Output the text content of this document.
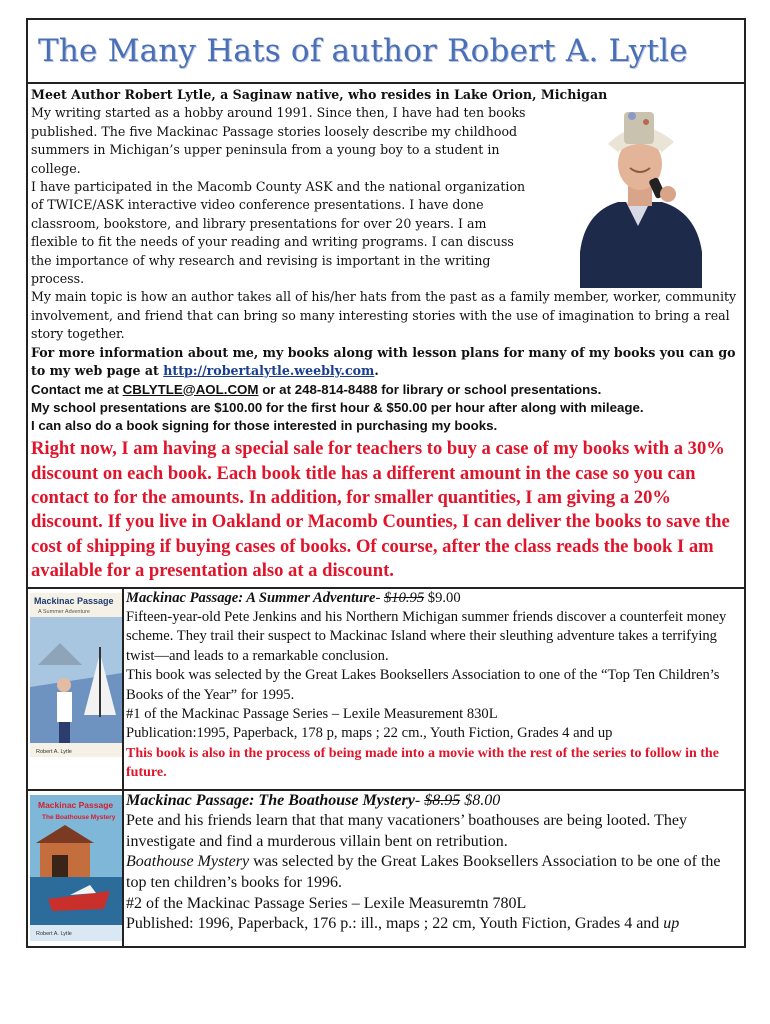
The Many Hats of author Robert A. Lytle
Meet Author Robert Lytle, a Saginaw native, who resides in Lake Orion, Michigan
My writing started as a hobby around 1991. Since then, I have had ten books published. The five Mackinac Passage stories loosely describe my childhood summers in Michigan’s upper peninsula from a young boy to a student in college.
I have participated in the Macomb County ASK and the national organization of TWICE/ASK interactive video conference presentations. I have done classroom, bookstore, and library presentations for over 20 years. I am flexible to fit the needs of your reading and writing programs. I can discuss the importance of why research and revising is important in the writing process.
My main topic is how an author takes all of his/her hats from the past as a family member, worker, community involvement, and friend that can bring so many interesting stories with the use of imagination to bring a real story together.
For more information about me, my books along with lesson plans for many of my books you can go to my web page at http://robertalytle.weebly.com.
Contact me at CBLYTLE@AOL.COM or at 248-814-8488 for library or school presentations.
My school presentations are $100.00 for the first hour & $50.00 per hour after along with mileage.
I can also do a book signing for those interested in purchasing my books.
Right now, I am having a special sale for teachers to buy a case of my books with a 30% discount on each book. Each book title has a different amount in the case so you can contact to for the amounts. In addition, for smaller quantities, I am giving a 20% discount. If you live in Oakland or Macomb Counties, I can deliver the books to save the cost of shipping if buying cases of books. Of course, after the class reads the book I am available for a presentation also at a discount.
Mackinac Passage
A Summer Adventure
Robert A. Lytle
Mackinac Passage: A Summer Adventure- $10.95 $9.00
Fifteen-year-old Pete Jenkins and his Northern Michigan summer friends discover a counterfeit money scheme. They trail their suspect to Mackinac Island where their sleuthing adventure takes a terrifying twist—and leads to a remarkable conclusion.
This book was selected by the Great Lakes Booksellers Association to one of the “Top Ten Children’s Books of the Year” for 1995.
#1 of the Mackinac Passage Series – Lexile Measurement 830L
Publication:1995, Paperback, 178 p, maps ; 22 cm., Youth Fiction, Grades 4 and up
This book is also in the process of being made into a movie with the rest of the series to follow in the future.
Mackinac Passage
The Boathouse Mystery
Robert A. Lytle
Mackinac Passage: The Boathouse Mystery- $8.95 $8.00
Pete and his friends learn that that many vacationers’ boathouses are being looted. They investigate and find a murderous villain bent on retribution.
Boathouse Mystery was selected by the Great Lakes Booksellers Association to be one of the top ten children’s books for 1996.
#2 of the Mackinac Passage Series – Lexile Measuremtn 780L
Published: 1996, Paperback, 176 p.: ill., maps ; 22 cm, Youth Fiction, Grades 4 and up
